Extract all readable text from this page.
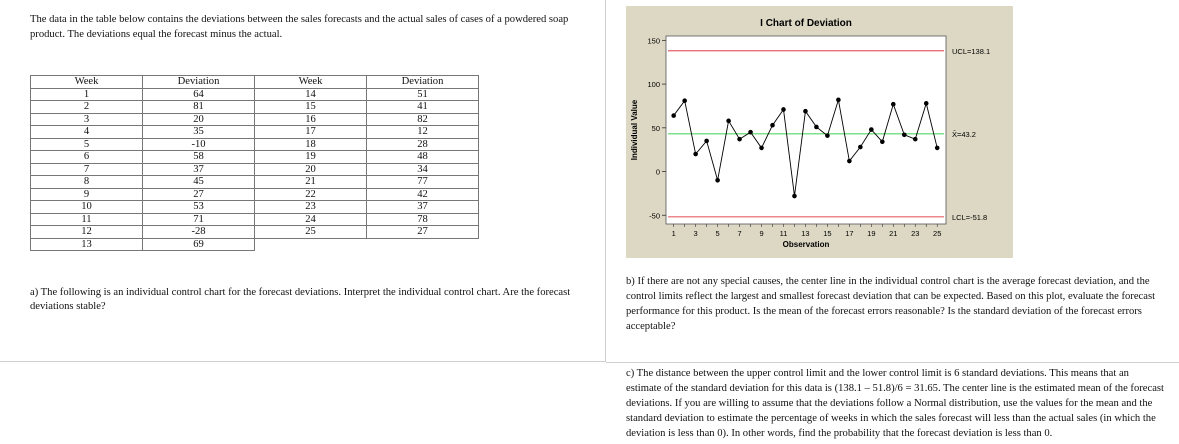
The data in the table below contains the deviations between the sales forecasts and the actual sales of cases of a powdered soap product. The deviations equal the forecast minus the actual.
Week	Deviation	Week	Deviation
1	64	14	51
2	81	15	41
3	20	16	82
4	35	17	12
5	-10	18	28
6	58	19	48
7	37	20	34
8	45	21	77
9	27	22	42
10	53	23	37
11	71	24	78
12	-28	25	27
13	69		
a) The following is an individual control chart for the forecast deviations. Interpret the individual control chart. Are the forecast deviations stable?
I Chart of Deviation
-50
0
50
100
150
1 3 5 7 9 11 13 15 17 19 21 23 25
Observation
Individual Value
UCL=138.1
X̄=43.2
LCL=-51.8
b) If there are not any special causes, the center line in the individual control chart is the average forecast deviation, and the control limits reflect the largest and smallest forecast deviation that can be expected. Based on this plot, evaluate the forecast performance for this product. Is the mean of the forecast errors reasonable? Is the standard deviation of the forecast errors acceptable?
c) The distance between the upper control limit and the lower control limit is 6 standard deviations. This means that an estimate of the standard deviation for this data is (138.1 – 51.8)/6 = 31.65. The center line is the estimated mean of the forecast deviations. If you are willing to assume that the deviations follow a Normal distribution, use the values for the mean and the standard deviation to estimate the percentage of weeks in which the sales forecast will less than the actual sales (in which the deviation is less than 0). In other words, find the probability that the forecast deviation is less than 0.
